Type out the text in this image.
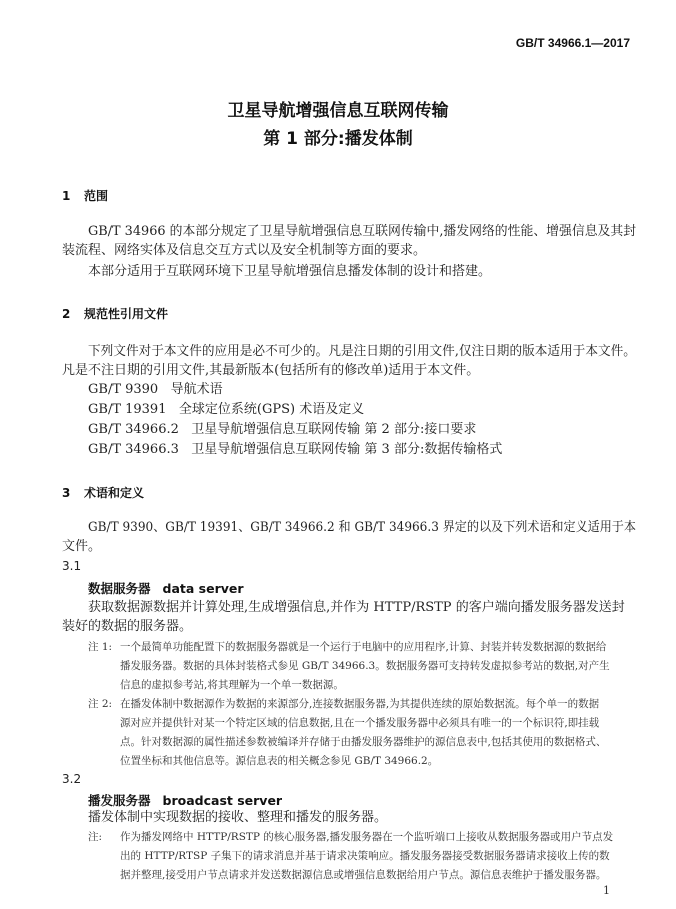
GB/T 34966.1—2017
卫星导航增强信息互联网传输
第 1 部分:播发体制
1 范围
GB/T 34966 的本部分规定了卫星导航增强信息互联网传输中,播发网络的性能、增强信息及其封
装流程、网络实体及信息交互方式以及安全机制等方面的要求。
本部分适用于互联网环境下卫星导航增强信息播发体制的设计和搭建。
2 规范性引用文件
下列文件对于本文件的应用是必不可少的。凡是注日期的引用文件,仅注日期的版本适用于本文件。
凡是不注日期的引用文件,其最新版本(包括所有的修改单)适用于本文件。
GB/T 9390 导航术语
GB/T 19391 全球定位系统(GPS) 术语及定义
GB/T 34966.2 卫星导航增强信息互联网传输 第 2 部分:接口要求
GB/T 34966.3 卫星导航增强信息互联网传输 第 3 部分:数据传输格式
3 术语和定义
GB/T 9390、GB/T 19391、GB/T 34966.2 和 GB/T 34966.3 界定的以及下列术语和定义适用于本
文件。
3.1
数据服务器 data server
获取数据源数据并计算处理,生成增强信息,并作为 HTTP/RSTP 的客户端向播发服务器发送封
装好的数据的服务器。
注 1: 一个最简单功能配置下的数据服务器就是一个运行于电脑中的应用程序,计算、封装并转发数据源的数据给
播发服务器。数据的具体封装格式参见 GB/T 34966.3。数据服务器可支持转发虚拟参考站的数据,对产生
信息的虚拟参考站,将其理解为一个单一数据源。
注 2: 在播发体制中数据源作为数据的来源部分,连接数据服务器,为其提供连续的原始数据流。每个单一的数据
源对应并提供针对某一个特定区域的信息数据,且在一个播发服务器中必须具有唯一的一个标识符,即挂载
点。针对数据源的属性描述参数被编译并存储于由播发服务器维护的源信息表中,包括其使用的数据格式、
位置坐标和其他信息等。源信息表的相关概念参见 GB/T 34966.2。
3.2
播发服务器 broadcast server
播发体制中实现数据的接收、整理和播发的服务器。
注: 作为播发网络中 HTTP/RSTP 的核心服务器,播发服务器在一个监听端口上接收从数据服务器或用户节点发
出的 HTTP/RTSP 子集下的请求消息并基于请求决策响应。播发服务器接受数据服务器请求接收上传的数
据并整理,接受用户节点请求并发送数据源信息或增强信息数据给用户节点。源信息表维护于播发服务器。
1
